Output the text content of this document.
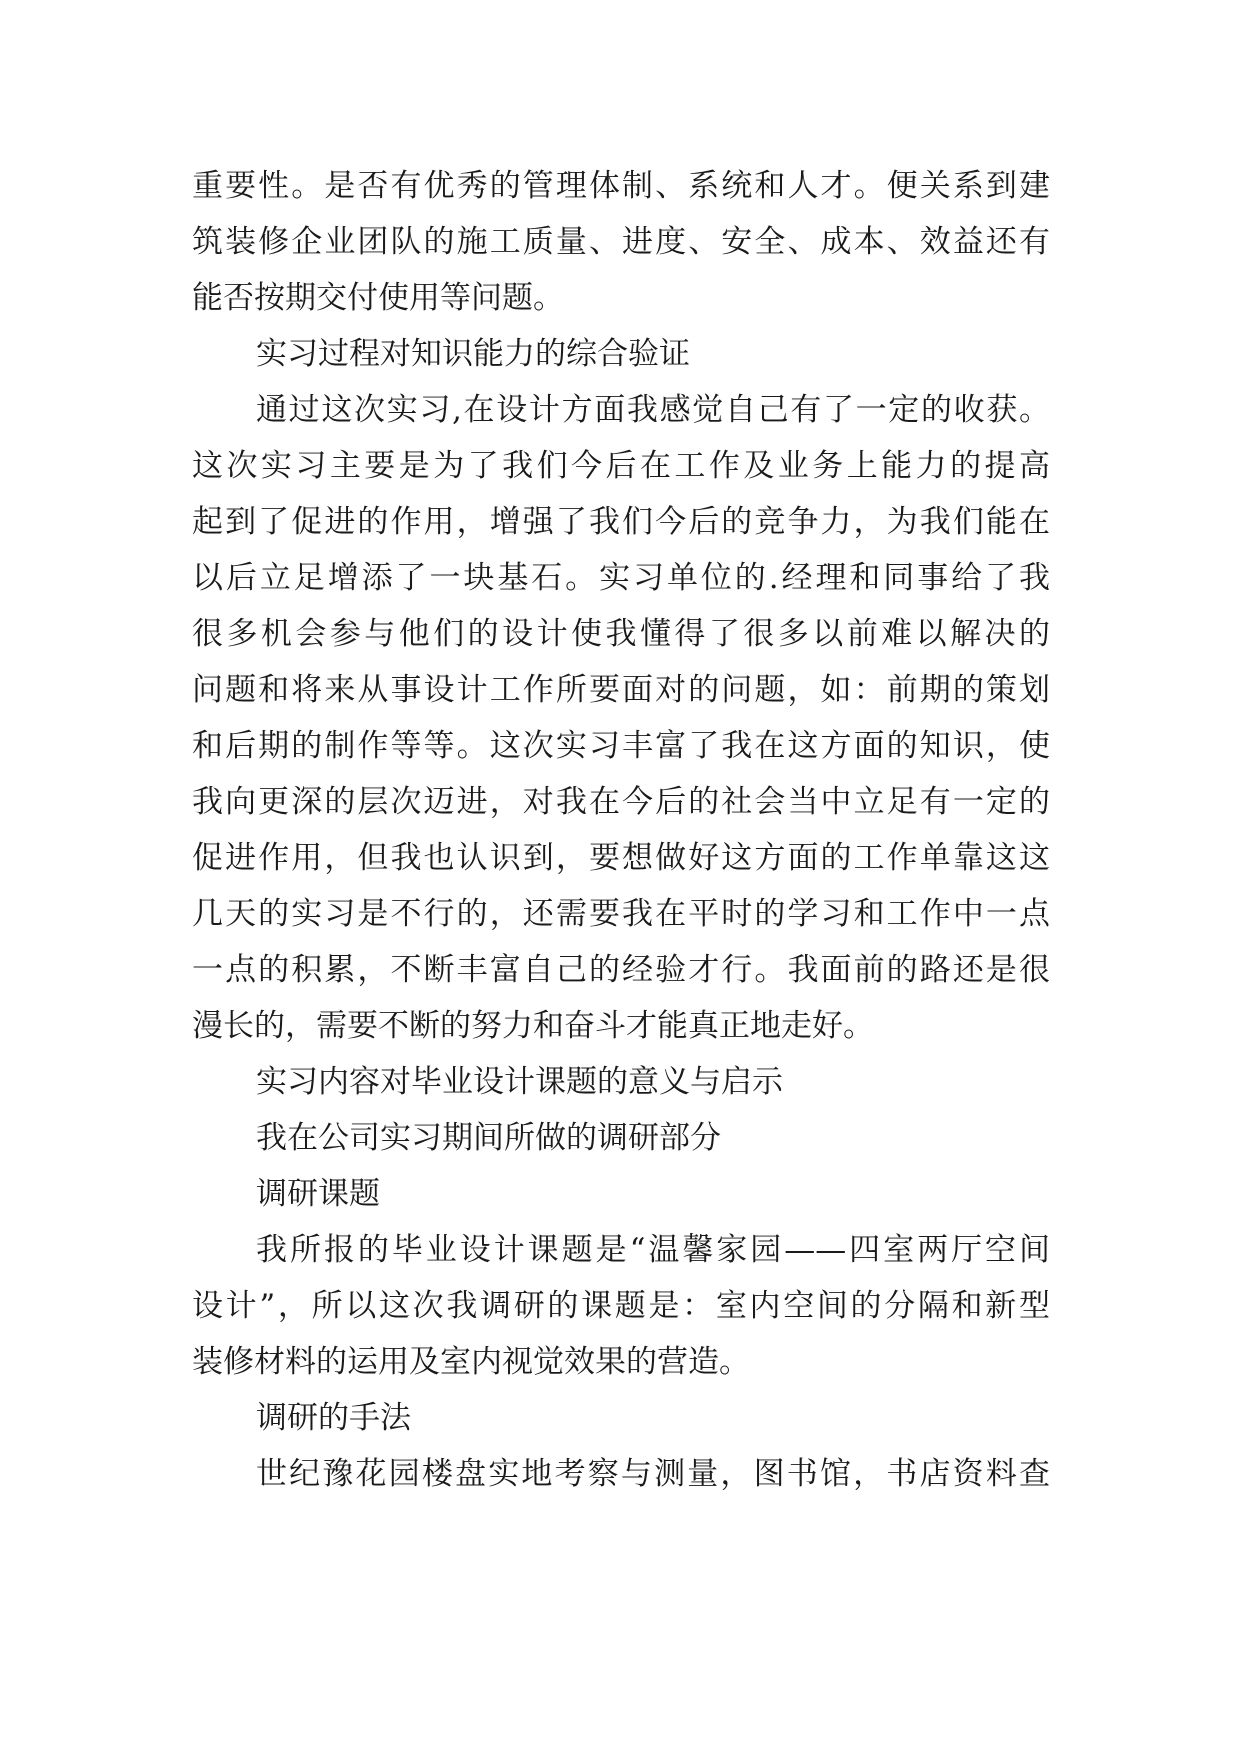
重要性。是否有优秀的管理体制、系统和人才。便关系到建
筑装修企业团队的施工质量、进度、安全、成本、效益还有
能否按期交付使用等问题。
实习过程对知识能力的综合验证
通过这次实习,在设计方面我感觉自己有了一定的收获。
这次实习主要是为了我们今后在工作及业务上能力的提高
起到了促进的作用，增强了我们今后的竞争力，为我们能在
以后立足增添了一块基石。实习单位的.经理和同事给了我
很多机会参与他们的设计使我懂得了很多以前难以解决的
问题和将来从事设计工作所要面对的问题，如：前期的策划
和后期的制作等等。这次实习丰富了我在这方面的知识，使
我向更深的层次迈进，对我在今后的社会当中立足有一定的
促进作用，但我也认识到，要想做好这方面的工作单靠这这
几天的实习是不行的，还需要我在平时的学习和工作中一点
一点的积累，不断丰富自己的经验才行。我面前的路还是很
漫长的，需要不断的努力和奋斗才能真正地走好。
实习内容对毕业设计课题的意义与启示
我在公司实习期间所做的调研部分
调研课题
我所报的毕业设计课题是“温馨家园——四室两厅空间
设计”，所以这次我调研的课题是：室内空间的分隔和新型
装修材料的运用及室内视觉效果的营造。
调研的手法
世纪豫花园楼盘实地考察与测量，图书馆，书店资料查
